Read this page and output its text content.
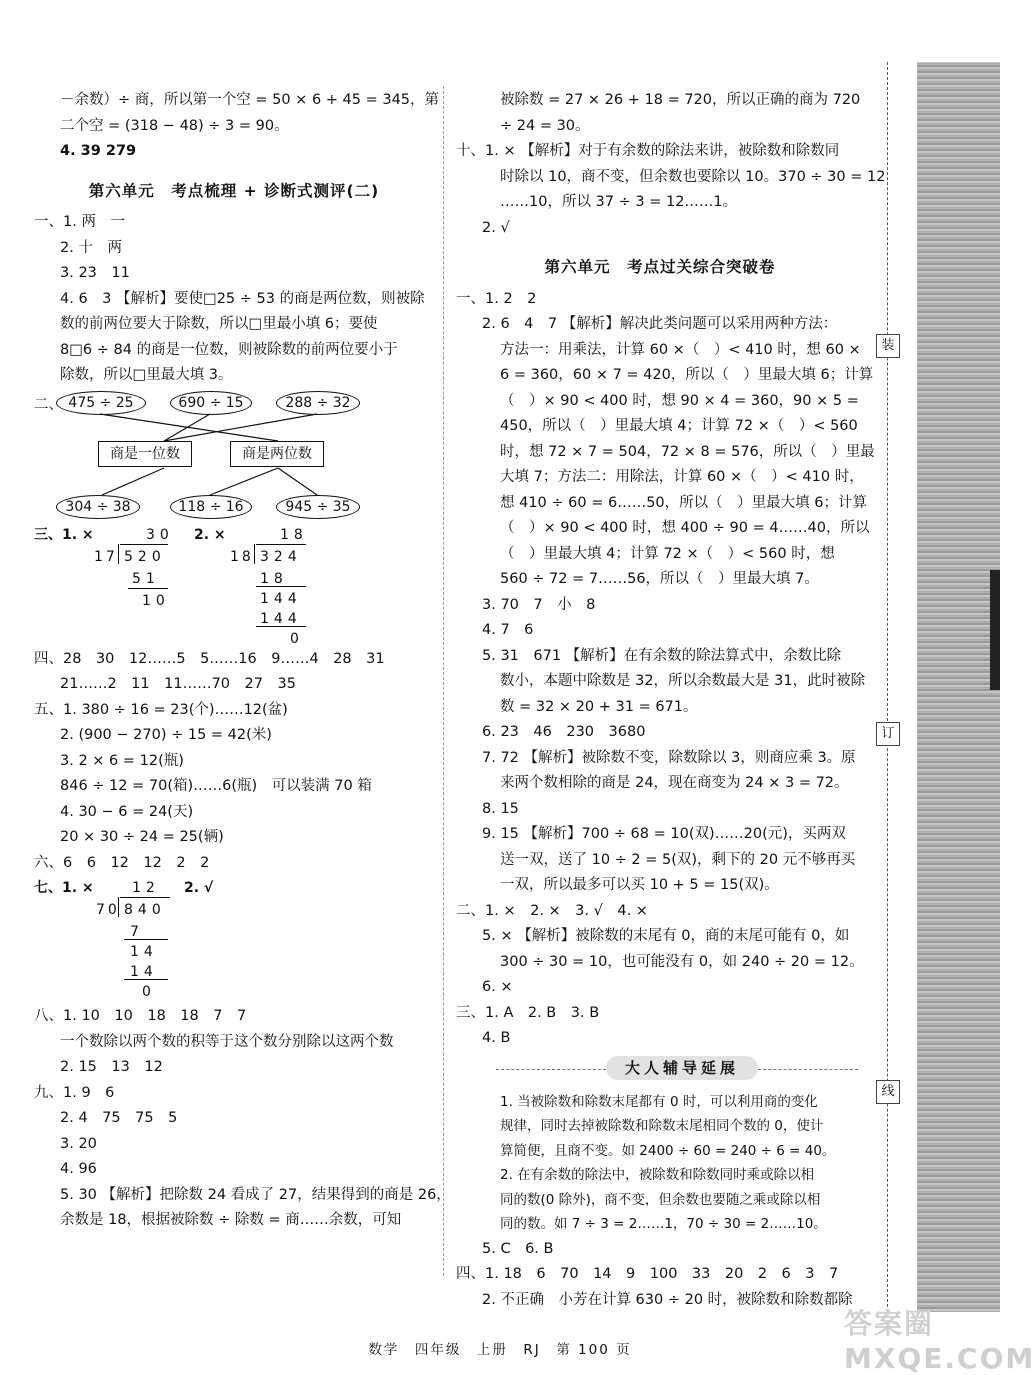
－余数）÷ 商，所以第一个空 = 50 × 6 + 45 = 345，第
二个空 = (318 − 48) ÷ 3 = 90。
4. 39 279
第六单元　考点梳理 + 诊断式测评(二)
一、1. 两　一
2. 十　两
3. 23　11
4. 6　3 【解析】要使□25 ÷ 53 的商是两位数，则被除
数的前两位要大于除数，所以□里最小填 6；要使
8□6 ÷ 84 的商是一位数，则被除数的前两位要小于
除数，所以□里最大填 3。
二、 475 ÷ 25	690 ÷ 15	288 ÷ 32
商是一位数	商是两位数
304 ÷ 38	118 ÷ 16	945 ÷ 35
三、1. ×	30
17 520
51
10
2. ×	18
18 324
18
144
144
0
四、28　30　12……5　5……16　9……4　28　31
21……2　11　11……70　27　35
五、1. 380 ÷ 16 = 23(个)……12(盆)
2. (900 − 270) ÷ 15 = 42(米)
3. 2 × 6 = 12(瓶)
846 ÷ 12 = 70(箱)……6(瓶)　可以装满 70 箱
4. 30 − 6 = 24(天)
20 × 30 ÷ 24 = 25(辆)
六、6　6　12　12　2　2
七、1. ×	12 2. √
70 840
7
14
14
0
八、1. 10　10　18　18　7　7
一个数除以两个数的积等于这个数分别除以这两个数
2. 15　13　12
九、1. 9　6
2. 4　75　75　5
3. 20
4. 96
5. 30 【解析】把除数 24 看成了 27，结果得到的商是 26，
余数是 18，根据被除数 ÷ 除数 = 商……余数，可知
被除数 = 27 × 26 + 18 = 720，所以正确的商为 720
÷ 24 = 30。
十、1. × 【解析】对于有余数的除法来讲，被除数和除数同
时除以 10，商不变，但余数也要除以 10。370 ÷ 30 = 12
……10，所以 37 ÷ 3 = 12……1。
2. √
第六单元　考点过关综合突破卷
一、1. 2　2
2. 6　4　7 【解析】解决此类问题可以采用两种方法：
方法一：用乘法，计算 60 ×（　）< 410 时，想 60 ×
6 = 360，60 × 7 = 420，所以（　）里最大填 6；计算
（　）× 90 < 400 时，想 90 × 4 = 360，90 × 5 =
450，所以（　）里最大填 4；计算 72 ×（　）< 560
时，想 72 × 7 = 504，72 × 8 = 576，所以（　）里最
大填 7；方法二：用除法，计算 60 ×（　）< 410 时，
想 410 ÷ 60 = 6……50，所以（　）里最大填 6；计算
（　）× 90 < 400 时，想 400 ÷ 90 = 4……40，所以
（　）里最大填 4；计算 72 ×（　）< 560 时，想
560 ÷ 72 = 7……56，所以（　）里最大填 7。
3. 70　7　小　8
4. 7　6
5. 31　671 【解析】在有余数的除法算式中，余数比除
数小，本题中除数是 32，所以余数最大是 31，此时被除
数 = 32 × 20 + 31 = 671。
6. 23　46　230　3680
7. 72 【解析】被除数不变，除数除以 3，则商应乘 3。原
来两个数相除的商是 24，现在商变为 24 × 3 = 72。
8. 15
9. 15 【解析】700 ÷ 68 = 10(双)……20(元)，买两双
送一双，送了 10 ÷ 2 = 5(双)，剩下的 20 元不够再买
一双，所以最多可以买 10 + 5 = 15(双)。
二、1. ×　2. ×　3. √　4. ×
5. × 【解析】被除数的末尾有 0，商的末尾可能有 0，如
300 ÷ 30 = 10，也可能没有 0，如 240 ÷ 20 = 12。
6. ×
三、1. A　2. B　3. B
4. B
大人辅导延展
1. 当被除数和除数末尾都有 0 时，可以利用商的变化
规律，同时去掉被除数和除数末尾相同个数的 0，使计
算简便，且商不变。如 2400 ÷ 60 = 240 ÷ 6 = 40。
2. 在有余数的除法中，被除数和除数同时乘或除以相
同的数(0 除外)，商不变，但余数也要随之乘或除以相
同的数。如 7 ÷ 3 = 2……1，70 ÷ 30 = 2……10。
5. C　6. B
四、1. 18　6　70　14　9　100　33　20　2　6　3　7
2. 不正确　小芳在计算 630 ÷ 20 时，被除数和除数都除
装
订
线
数学　四年级　上册　RJ　第 100 页
答案圈 MXQE.COM
